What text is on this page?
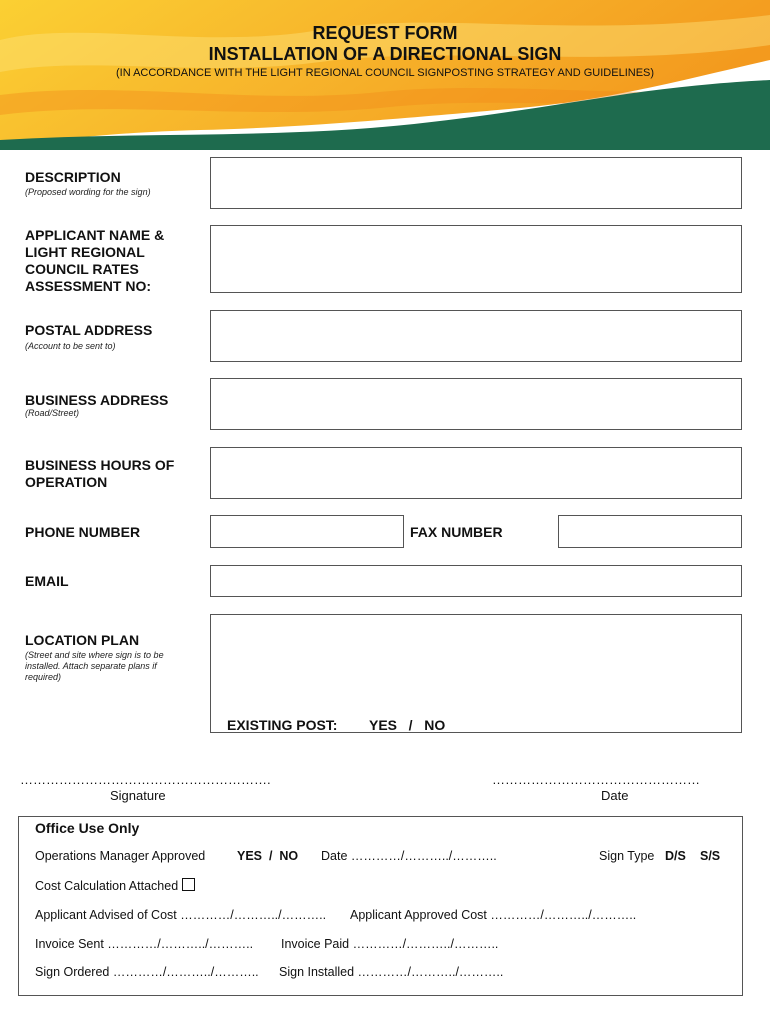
REQUEST FORM
INSTALLATION OF A DIRECTIONAL SIGN
(IN ACCORDANCE WITH THE LIGHT REGIONAL COUNCIL SIGNPOSTING STRATEGY AND GUIDELINES)
DESCRIPTION
(Proposed wording for the sign)
APPLICANT NAME &
LIGHT REGIONAL
COUNCIL RATES
ASSESSMENT NO:
POSTAL ADDRESS
(Account to be sent to)
BUSINESS ADDRESS
(Road/Street)
BUSINESS HOURS OF
OPERATION
PHONE NUMBER	FAX NUMBER
EMAIL
LOCATION PLAN
(Street and site where sign is to be
installed. Attach separate plans if
required)
EXISTING POST: YES   /   NO
………………………………………………….
Signature
…………………………………………
Date
Office Use Only
Operations Manager Approved	YES  /  NO Date …………/………../………..	Sign Type D/S S/S
Cost Calculation Attached
Applicant Advised of Cost …………/………../……….. Applicant Approved Cost …………/………../………..
Invoice Sent …………/………../……….. Invoice Paid …………/………../………..
Sign Ordered …………/………../……….. Sign Installed …………/………../………..
